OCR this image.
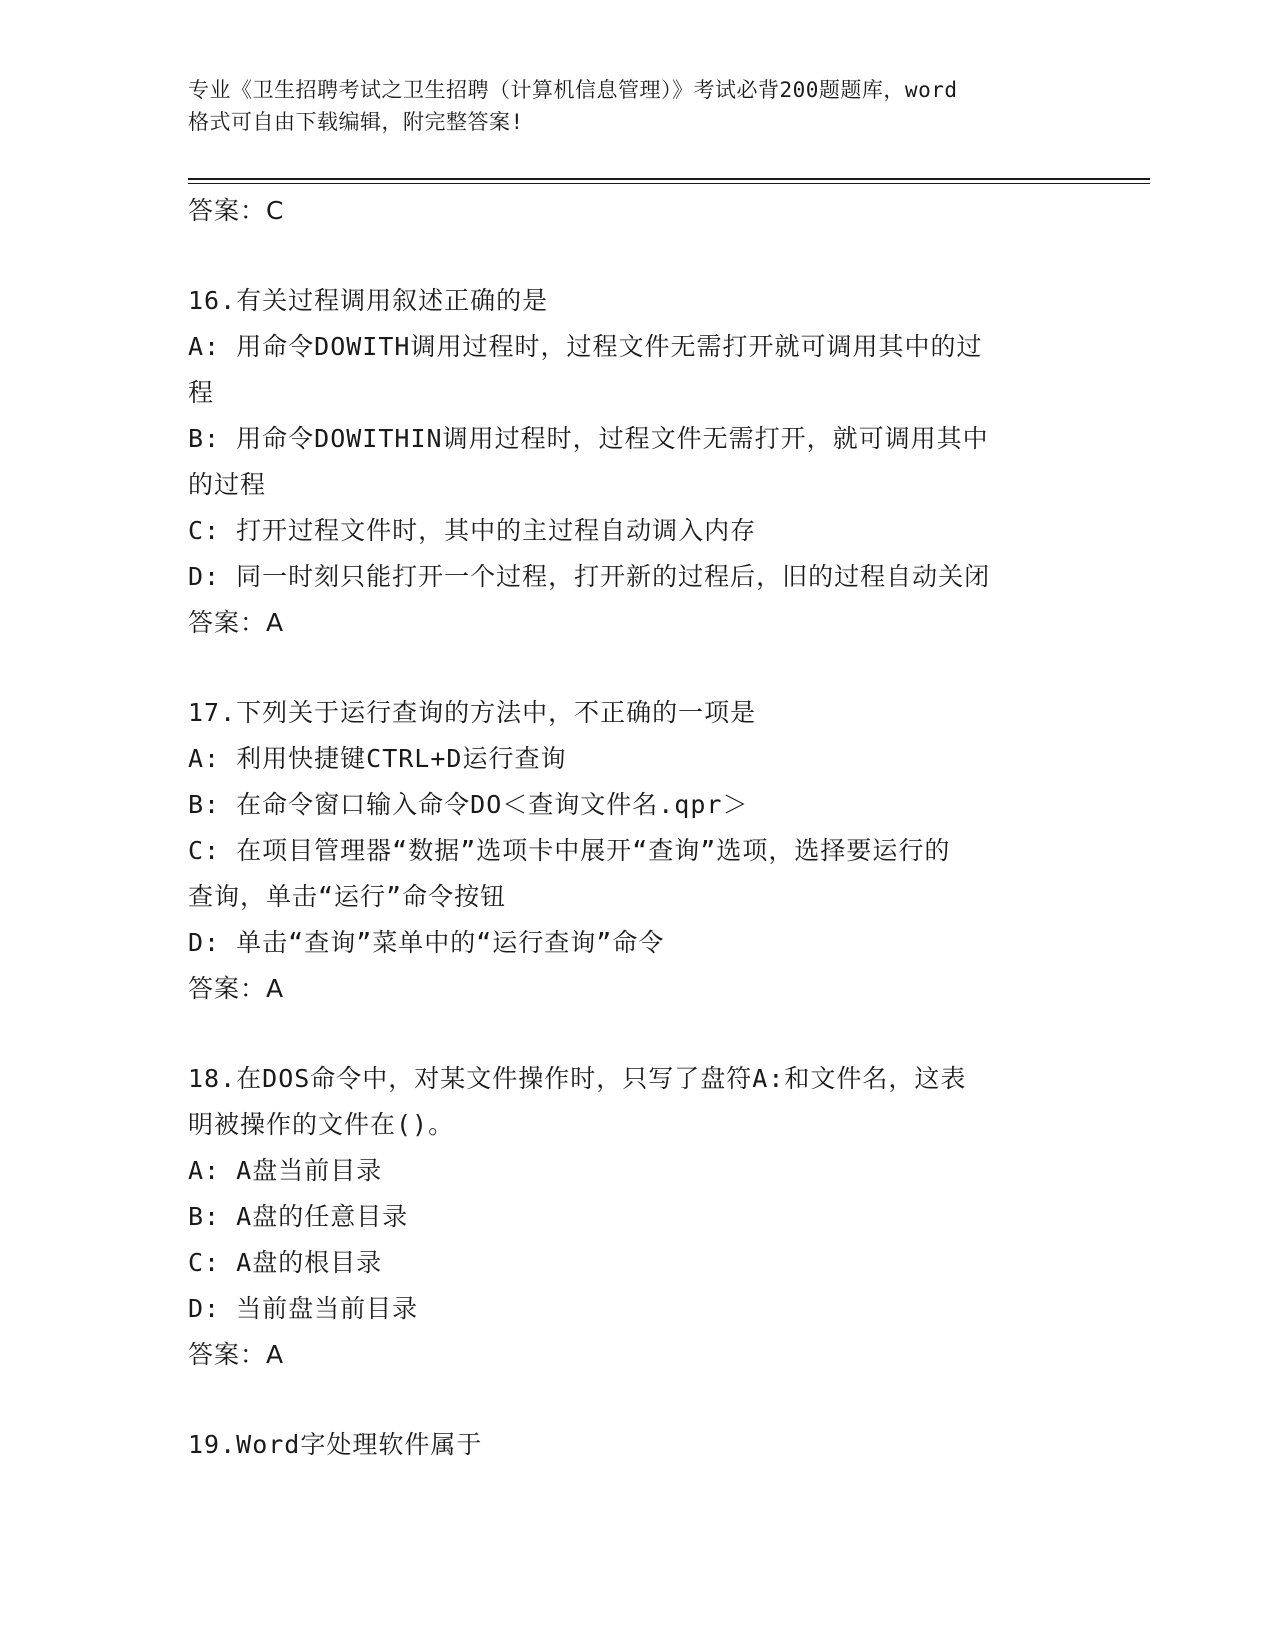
专业《卫生招聘考试之卫生招聘（计算机信息管理）》考试必背200题题库，word
格式可自由下载编辑，附完整答案!
答案：C
16.有关过程调用叙述正确的是
A: 用命令DOWITH调用过程时，过程文件无需打开就可调用其中的过
程
B: 用命令DOWITHIN调用过程时，过程文件无需打开，就可调用其中
的过程
C: 打开过程文件时，其中的主过程自动调入内存
D: 同一时刻只能打开一个过程，打开新的过程后，旧的过程自动关闭
答案：A
17.下列关于运行查询的方法中，不正确的一项是
A: 利用快捷键CTRL+D运行查询
B: 在命令窗口输入命令DO＜查询文件名.qpr＞
C: 在项目管理器“数据”选项卡中展开“查询”选项，选择要运行的
查询，单击“运行”命令按钮
D: 单击“查询”菜单中的“运行查询”命令
答案：A
18.在DOS命令中，对某文件操作时，只写了盘符A:和文件名，这表
明被操作的文件在()。
A: A盘当前目录
B: A盘的任意目录
C: A盘的根目录
D: 当前盘当前目录
答案：A
19.Word字处理软件属于
